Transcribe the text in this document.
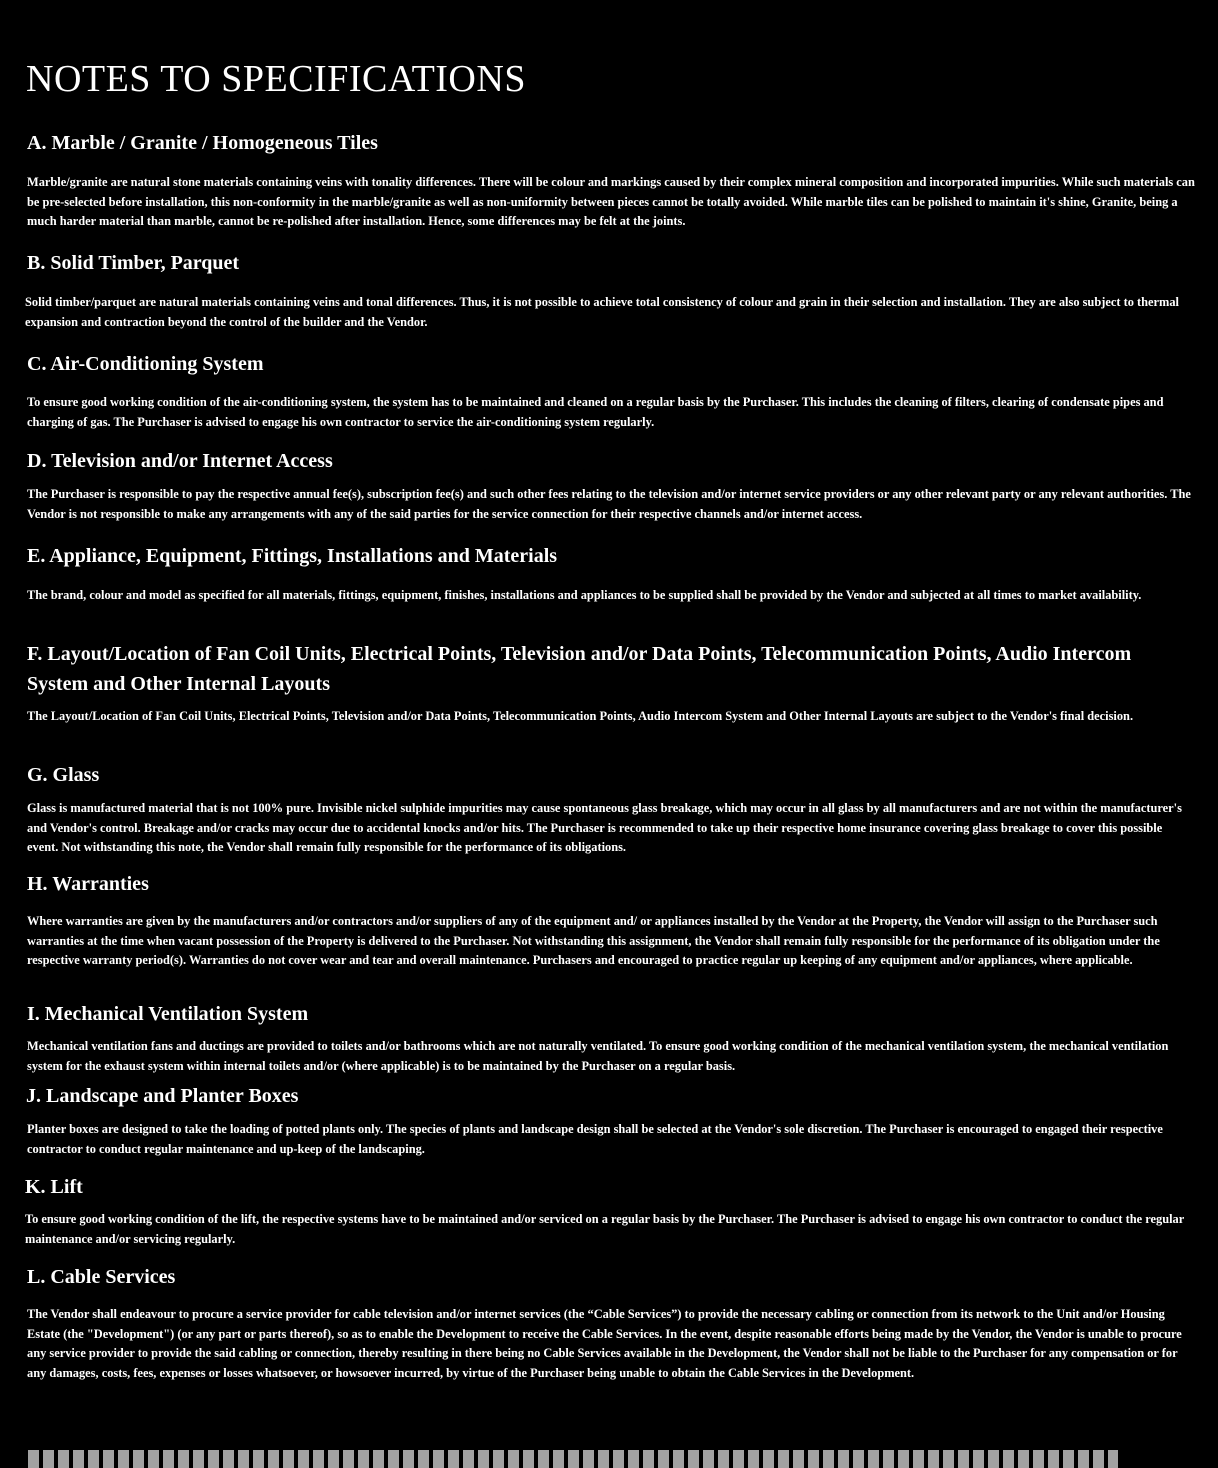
NOTES TO SPECIFICATIONS
A. Marble / Granite / Homogeneous Tiles

Marble/granite are natural stone materials containing veins with tonality differences. There will be colour and markings caused by their complex mineral composition and incorporated impurities. While such materials can be pre-selected before installation, this non-conformity in the marble/granite as well as non-uniformity between pieces cannot be totally avoided. While marble tiles can be polished to maintain it's shine, Granite, being a much harder material than marble, cannot be re-polished after installation. Hence, some differences may be felt at the joints.

B. Solid Timber, Parquet

Solid timber/parquet are natural materials containing veins and tonal differences. Thus, it is not possible to achieve total consistency of colour and grain in their selection and installation. They are also subject to thermal expansion and contraction beyond the control of the builder and the Vendor.

C. Air-Conditioning System

To ensure good working condition of the air-conditioning system, the system has to be maintained and cleaned on a regular basis by the Purchaser. This includes the cleaning of filters, clearing of condensate pipes and charging of gas. The Purchaser is advised to engage his own contractor to service the air-conditioning system regularly.

D. Television and/or Internet Access

The Purchaser is responsible to pay the respective annual fee(s), subscription fee(s) and such other fees relating to the television and/or internet service providers or any other relevant party or any relevant authorities. The Vendor is not responsible to make any arrangements with any of the said parties for the service connection for their respective channels and/or internet access.

E. Appliance, Equipment, Fittings, Installations and Materials

The brand, colour and model as specified for all materials, fittings, equipment, finishes, installations and appliances to be supplied shall be provided by the Vendor and subjected at all times to market availability.

F. Layout/Location of Fan Coil Units, Electrical Points, Television and/or Data Points, Telecommunication Points, Audio Intercom System and Other Internal Layouts

The Layout/Location of Fan Coil Units, Electrical Points, Television and/or Data Points, Telecommunication Points, Audio Intercom System and Other Internal Layouts are subject to the Vendor's final decision.

G. Glass

Glass is manufactured material that is not 100% pure. Invisible nickel sulphide impurities may cause spontaneous glass breakage, which may occur in all glass by all manufacturers and are not within the manufacturer's and Vendor's control. Breakage and/or cracks may occur due to accidental knocks and/or hits. The Purchaser is recommended to take up their respective home insurance covering glass breakage to cover this possible event. Not withstanding this note, the Vendor shall remain fully responsible for the performance of its obligations.

H. Warranties

Where warranties are given by the manufacturers and/or contractors and/or suppliers of any of the equipment and/ or appliances installed by the Vendor at the Property, the Vendor will assign to the Purchaser such warranties at the time when vacant possession of the Property is delivered to the Purchaser. Not withstanding this assignment, the Vendor shall remain fully responsible for the performance of its obligation under the respective warranty period(s). Warranties do not cover wear and tear and overall maintenance. Purchasers and encouraged to practice regular up keeping of any equipment and/or appliances, where applicable.

I. Mechanical Ventilation System

Mechanical ventilation fans and ductings are provided to toilets and/or bathrooms which are not naturally ventilated. To ensure good working condition of the mechanical ventilation system, the mechanical ventilation system for the exhaust system within internal toilets and/or (where applicable) is to be maintained by the Purchaser on a regular basis.

J. Landscape and Planter Boxes

Planter boxes are designed to take the loading of potted plants only. The species of plants and landscape design shall be selected at the Vendor's sole discretion. The Purchaser is encouraged to engaged their respective contractor to conduct regular maintenance and up-keep of the landscaping.

K. Lift

To ensure good working condition of the lift, the respective systems have to be maintained and/or serviced on a regular basis by the Purchaser. The Purchaser is advised to engage his own contractor to conduct the regular maintenance and/or servicing regularly.

L. Cable Services

The Vendor shall endeavour to procure a service provider for cable television and/or internet services (the “Cable Services”) to provide the necessary cabling or connection from its network to the Unit and/or Housing Estate (the "Development") (or any part or parts thereof), so as to enable the Development to receive the Cable Services. In the event, despite reasonable efforts being made by the Vendor, the Vendor is unable to procure any service provider to provide the said cabling or connection, thereby resulting in there being no Cable Services available in the Development, the Vendor shall not be liable to the Purchaser for any compensation or for any damages, costs, fees, expenses or losses whatsoever, or howsoever incurred, by virtue of the Purchaser being unable to obtain the Cable Services in the Development.
